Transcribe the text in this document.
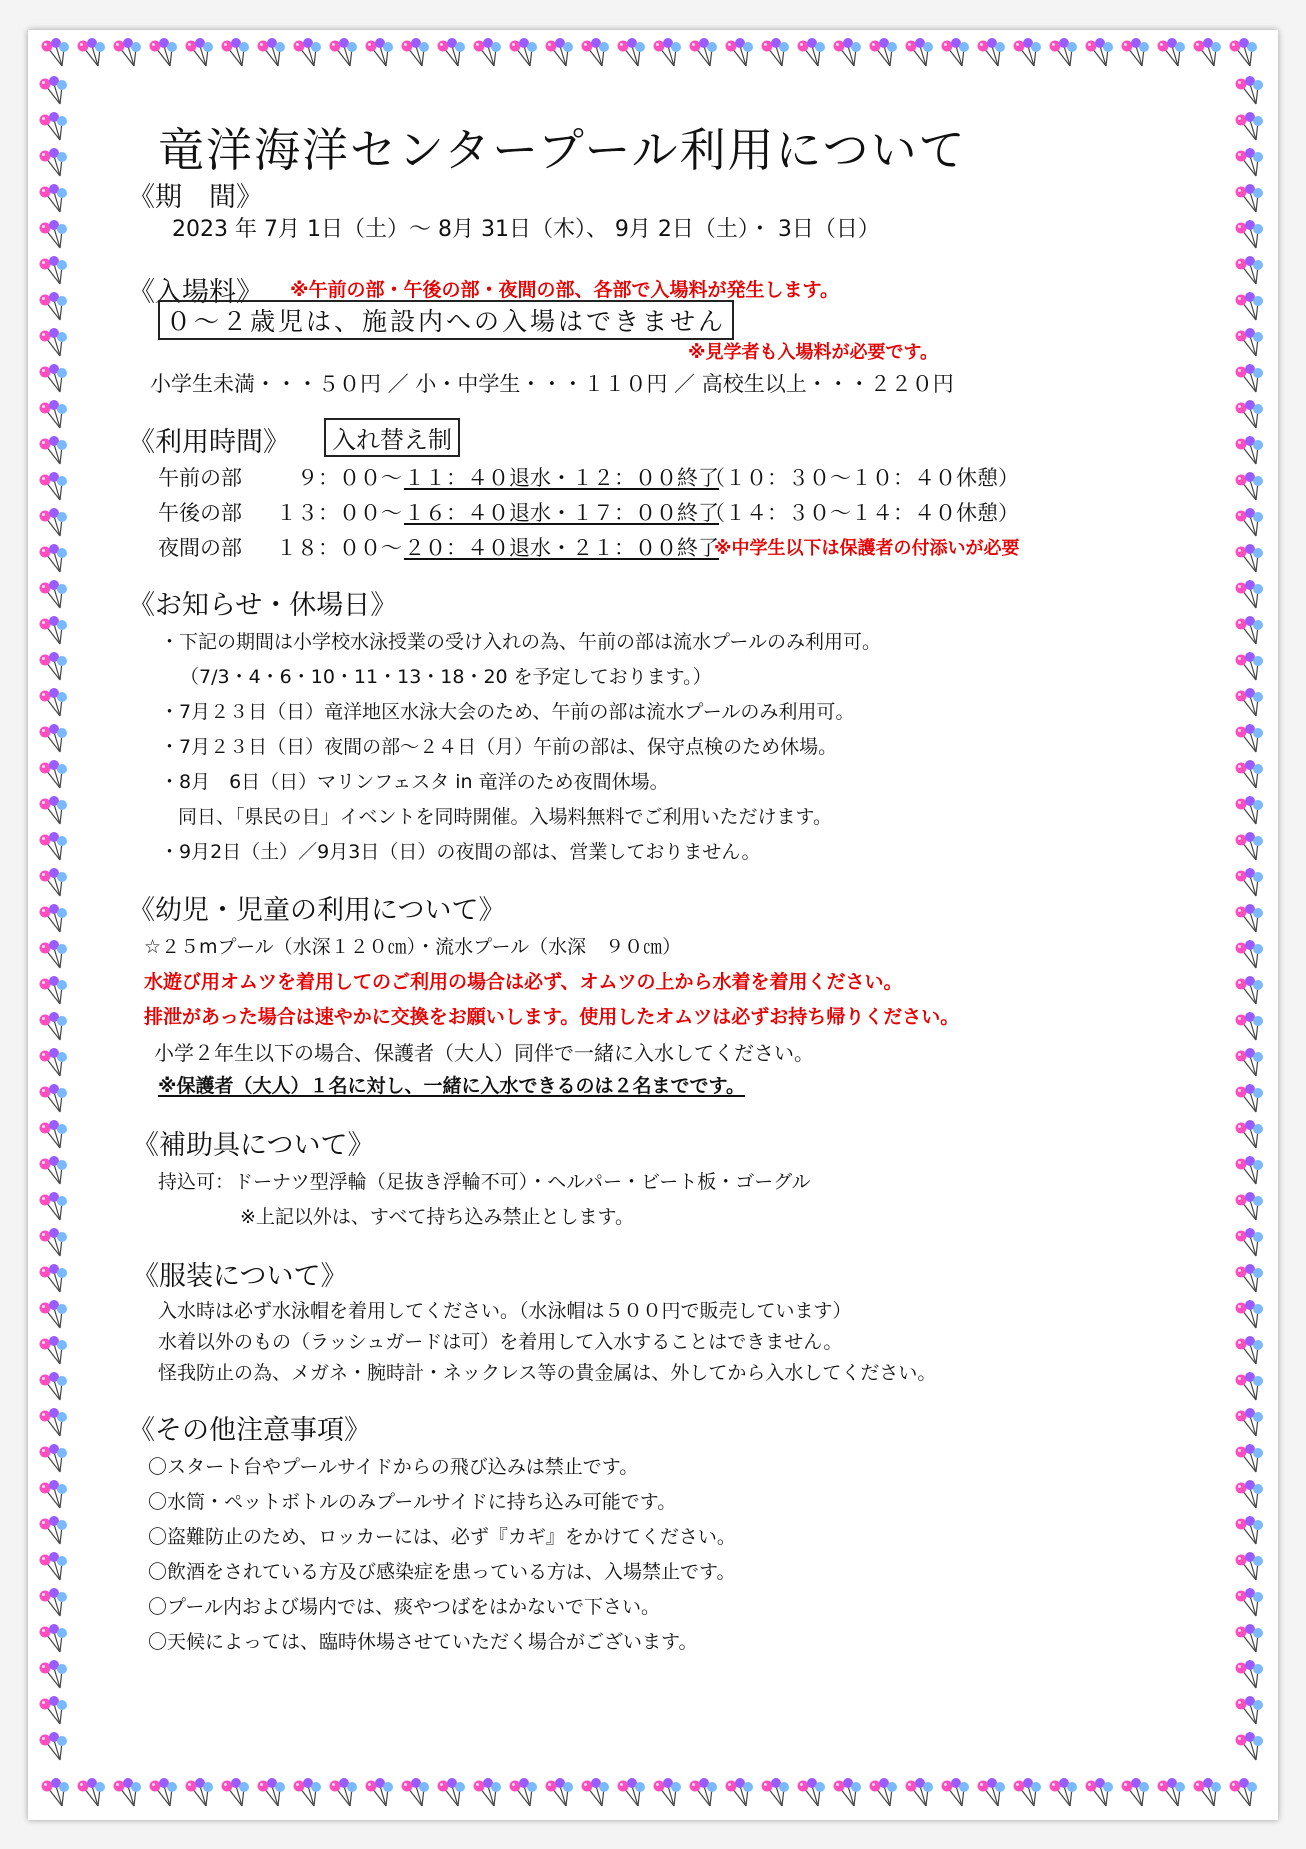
竜洋海洋センタープール利用について
《期　間》
2023 年 7月 1日（土）～ 8月 31日（木）、 9月 2日（土）・ 3日（日）
《入場料》 ※午前の部・午後の部・夜間の部、各部で入場料が発生します。
０～２歳児は、施設内への入場はできません
※見学者も入場料が必要です。
小学生未満・・・５０円 ／ 小・中学生・・・１１０円 ／ 高校生以上・・・２２０円
《利用時間》	入れ替え制
午前の部	９：００～ １１：４０退水・１２：００終了
（１０：３０～１０：４０休憩）
午後の部	１３：００～ １６：４０退水・１７：００終了
（１４：３０～１４：４０休憩）
夜間の部	１８：００～ ２０：４０退水・２１：００終了
※中学生以下は保護者の付添いが必要
《お知らせ・休場日》
・下記の期間は小学校水泳授業の受け入れの為、午前の部は流水プールのみ利用可。
（7/3・4・6・10・11・13・18・20 を予定しております。）
・7月２３日（日）竜洋地区水泳大会のため、午前の部は流水プールのみ利用可。
・7月２３日（日）夜間の部～２４日（月）午前の部は、保守点検のため休場。
・8月　6日（日）マリンフェスタ in 竜洋のため夜間休場。
同日、「県民の日」イベントを同時開催。入場料無料でご利用いただけます。
・9月2日（土）／9月3日（日）の夜間の部は、営業しておりません。
《幼児・児童の利用について》
☆２５mプール（水深１２０㎝）・流水プール（水深　９０㎝）
水遊び用オムツを着用してのご利用の場合は必ず、オムツの上から水着を着用ください。
排泄があった場合は速やかに交換をお願いします。使用したオムツは必ずお持ち帰りください。
小学２年生以下の場合、保護者（大人）同伴で一緒に入水してください。
※保護者（大人）１名に対し、一緒に入水できるのは２名までです。
《補助具について》
持込可：ドーナツ型浮輪（足抜き浮輪不可）・ヘルパー・ビート板・ゴーグル
※上記以外は、すべて持ち込み禁止とします。
《服装について》
入水時は必ず水泳帽を着用してください。（水泳帽は５００円で販売しています）
水着以外のもの（ラッシュガードは可）を着用して入水することはできません。
怪我防止の為、メガネ・腕時計・ネックレス等の貴金属は、外してから入水してください。
《その他注意事項》
〇スタート台やプールサイドからの飛び込みは禁止です。
〇水筒・ペットボトルのみプールサイドに持ち込み可能です。
〇盗難防止のため、ロッカーには、必ず『カギ』をかけてください。
〇飲酒をされている方及び感染症を患っている方は、入場禁止です。
〇プール内および場内では、痰やつばをはかないで下さい。
〇天候によっては、臨時休場させていただく場合がございます。
